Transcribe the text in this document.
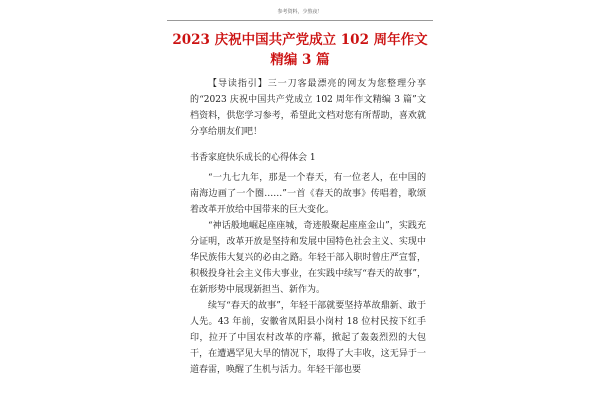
参考资料，少熬夜！
2023 庆祝中国共产党成立 102 周年作文
精编 3 篇

【导读指引】三一刀客最漂亮的网友为您整理分享的“2023 庆祝中国共产党成立 102 周年作文精编 3 篇”文档资料，供您学习参考，希望此文档对您有所帮助，喜欢就分享给朋友们吧！

书香家庭快乐成长的心得体会 1

“一九七九年，那是一个春天，有一位老人，在中国的南海边画了一个圈……”一首《春天的故事》传唱着，歌颂着改革开放给中国带来的巨大变化。

“神话般地崛起座座城，奇迹般聚起座座金山”，实践充分证明，改革开放是坚持和发展中国特色社会主义、实现中华民族伟大复兴的必由之路。年轻干部入职时曾庄严宣誓，积极投身社会主义伟大事业，在实践中续写“春天的故事”，在新形势中展现新担当、新作为。

续写“春天的故事”，年轻干部就要坚持革故鼎新、敢于人先。43 年前，安徽省凤阳县小岗村 18 位村民按下红手印，拉开了中国农村改革的序幕，掀起了轰轰烈烈的大包干，在遭遇罕见大旱的情况下，取得了大丰收，这无异于一道春雷，唤醒了生机与活力。年轻干部也要
